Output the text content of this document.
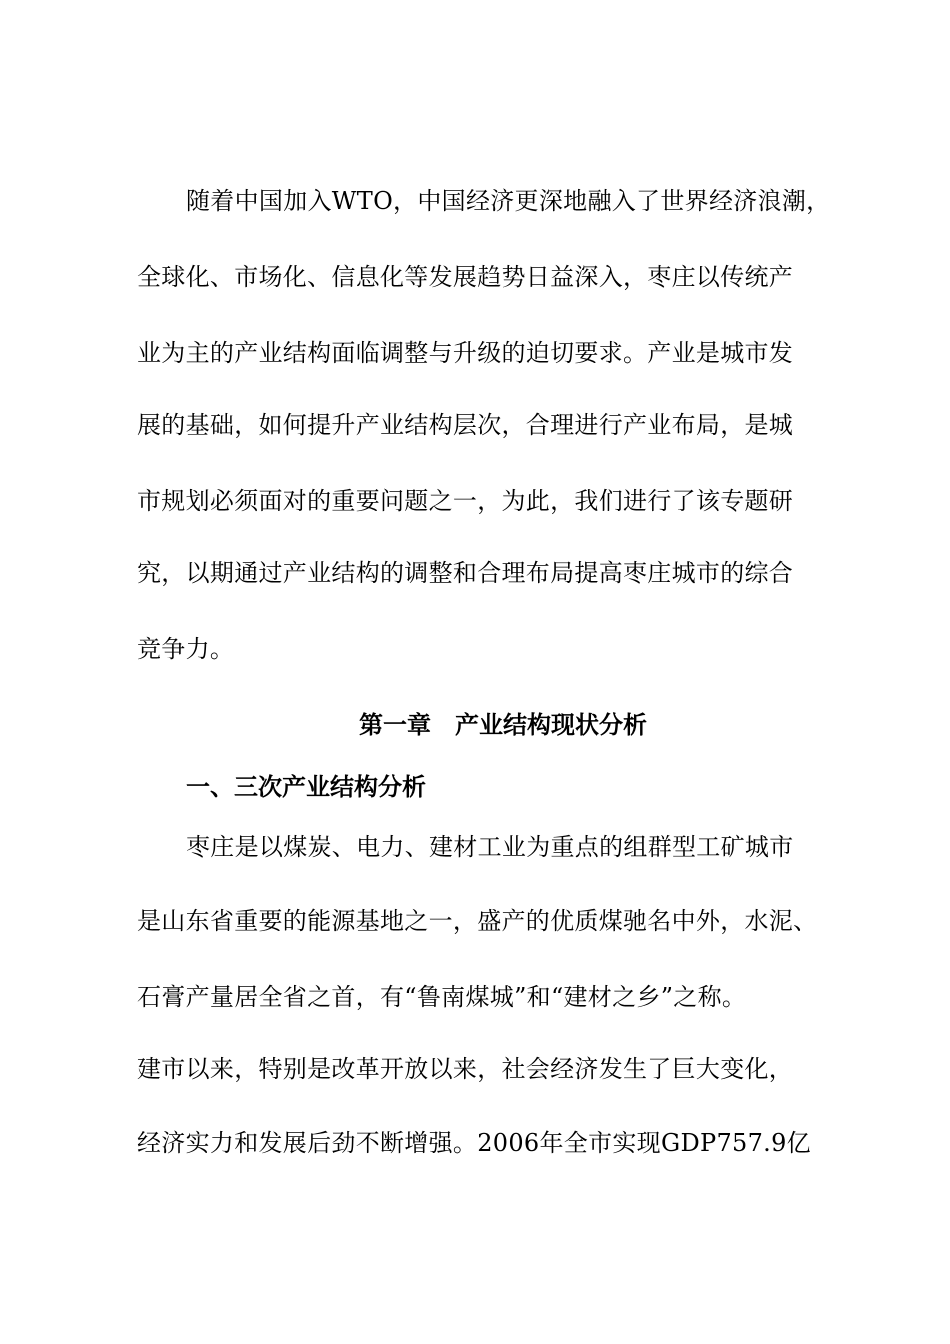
随着中国加入WTO，中国经济更深地融入了世界经济浪潮，
全球化、市场化、信息化等发展趋势日益深入，枣庄以传统产
业为主的产业结构面临调整与升级的迫切要求。产业是城市发
展的基础，如何提升产业结构层次，合理进行产业布局，是城
市规划必须面对的重要问题之一，为此，我们进行了该专题研
究，以期通过产业结构的调整和合理布局提高枣庄城市的综合
竞争力。
第一章　产业结构现状分析
一、三次产业结构分析
枣庄是以煤炭、电力、建材工业为重点的组群型工矿城市
是山东省重要的能源基地之一，盛产的优质煤驰名中外，水泥、
石膏产量居全省之首，有“鲁南煤城”和“建材之乡”之称。
建市以来，特别是改革开放以来，社会经济发生了巨大变化，
经济实力和发展后劲不断增强。2006年全市实现GDP757.9亿
